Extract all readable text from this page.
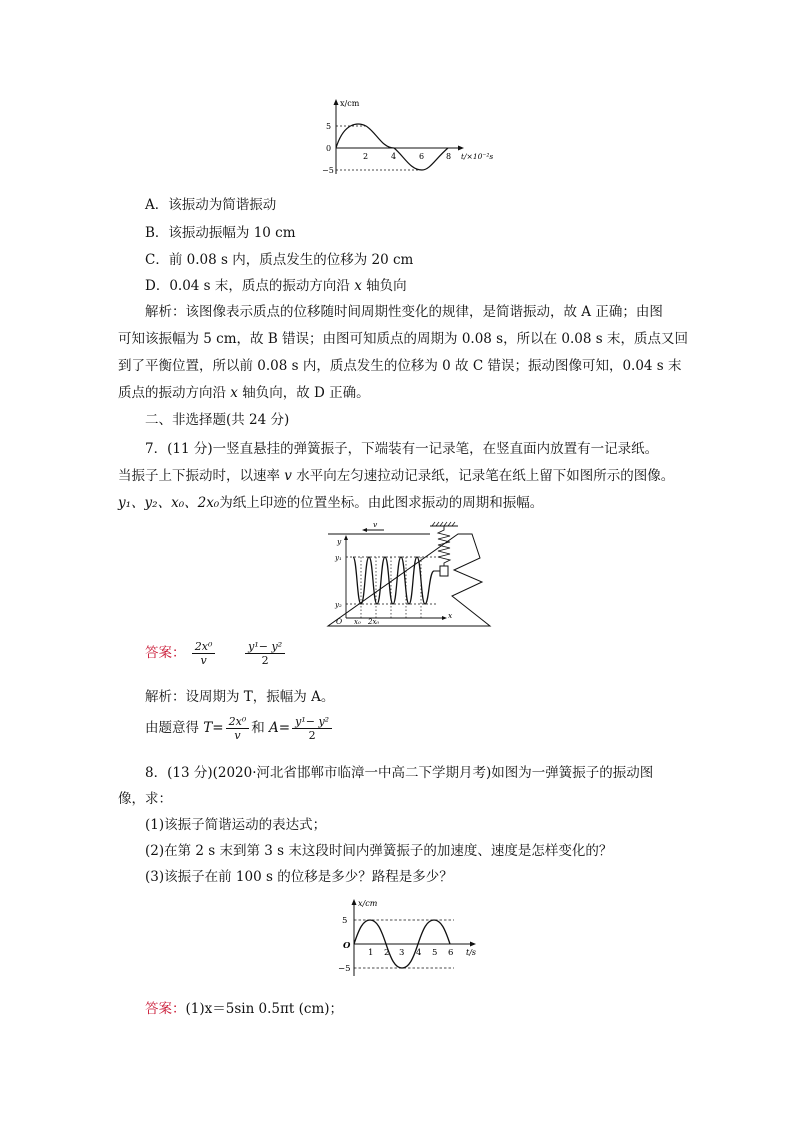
x/cm
5
0
−5
2	4	6	8 t/×10⁻²s
A．该振动为简谐振动
B．该振动振幅为 10 cm
C．前 0.08 s 内，质点发生的位移为 20 cm
D．0.04 s 末，质点的振动方向沿 x 轴负向
解析：该图像表示质点的位移随时间周期性变化的规律，是简谐振动，故 A 正确；由图
可知该振幅为 5 cm，故 B 错误；由图可知质点的周期为 0.08 s，所以在 0.08 s 末，质点又回
到了平衡位置，所以前 0.08 s 内，质点发生的位移为 0 故 C 错误；振动图像可知，0.04 s 末
质点的振动方向沿 x 轴负向，故 D 正确。
二、非选择题(共 24 分)
7．(11 分)一竖直悬挂的弹簧振子，下端装有一记录笔，在竖直面内放置有一记录纸。
当振子上下振动时，以速率 v 水平向左匀速拉动记录纸，记录笔在纸上留下如图所示的图像。
y₁、y₂、x₀、2x₀为纸上印迹的位置坐标。由此图求振动的周期和振幅。
v
y
y₁
y₂
O x₀ 2x₀
x
答案： $\frac{\text{2x⁰}}{v}$
	$\frac{\text{y¹− y²}}{2}$
解析：设周期为 T，振幅为 A。
由题意得 $T= \frac{\text{2x⁰}}{v}$ 和 $A= \frac{\text{y¹− y²}}{2}$
8．(13 分)(2020·河北省邯郸市临漳一中高二下学期月考)如图为一弹簧振子的振动图
像，求：
(1)该振子简谐运动的表达式；
(2)在第 2 s 末到第 3 s 末这段时间内弹簧振子的加速度、速度是怎样变化的？
(3)该振子在前 100 s 的位移是多少？路程是多少？
x/cm
5
O
−5
1 2 3 4 5 6 t/s
答案：(1)x＝5sin 0.5πt (cm)；
